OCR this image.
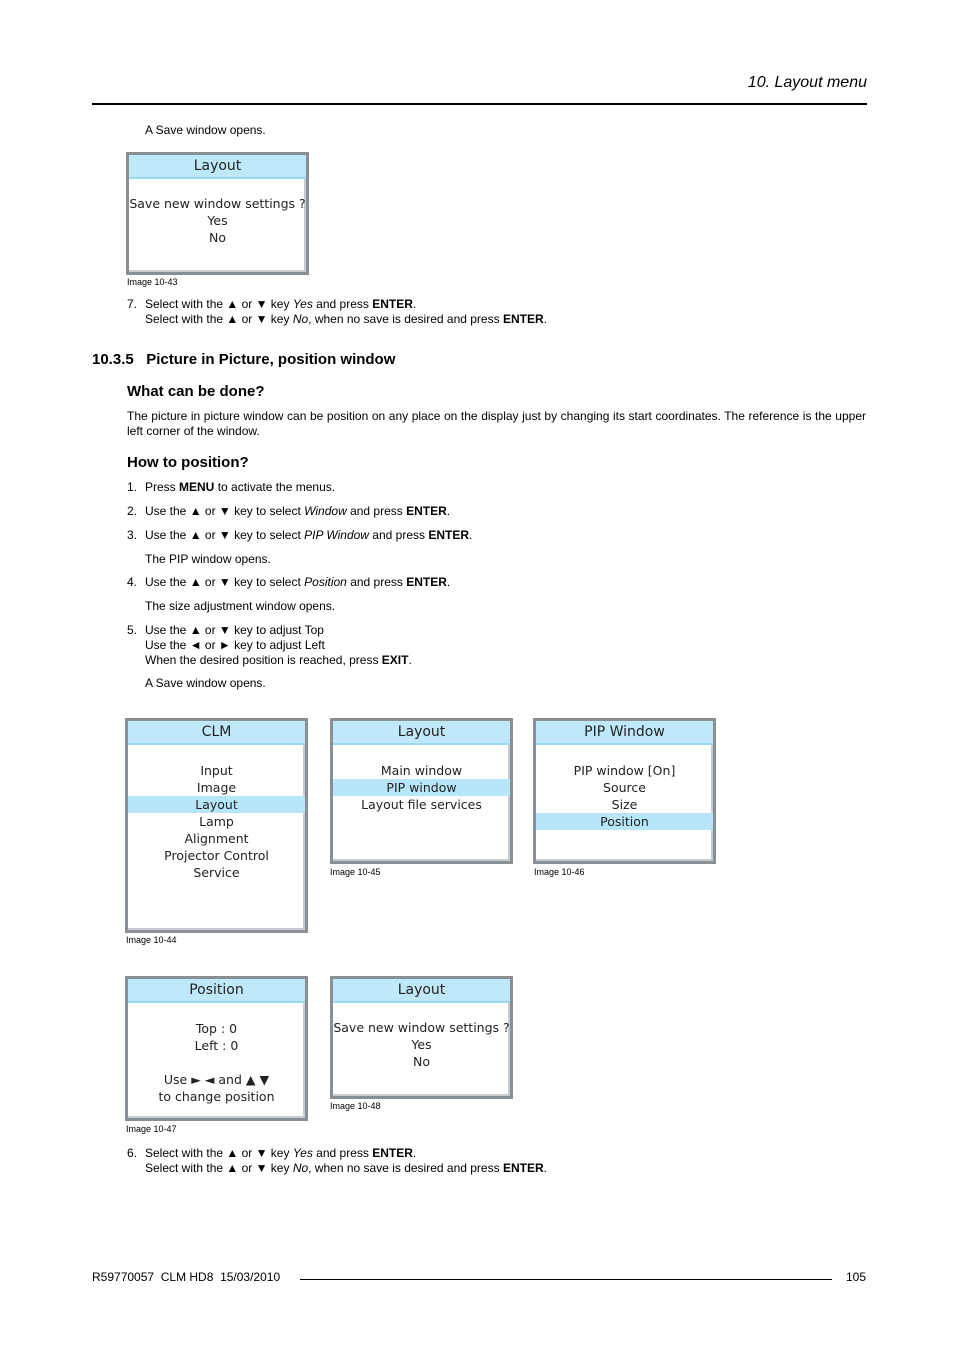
10. Layout menu
A Save window opens.
Layout
Save new window settings ?
Yes
No
Image 10-43
7. Select with the ▲ or ▼ key Yes and press ENTER.
Select with the ▲ or ▼ key No, when no save is desired and press ENTER.
10.3.5   Picture in Picture, position window
What can be done?
The picture in picture window can be position on any place on the display just by changing its start coordinates. The reference is the upper left corner of the window.
How to position?
1. Press MENU to activate the menus.
2. Use the ▲ or ▼ key to select Window and press ENTER.
3. Use the ▲ or ▼ key to select PIP Window and press ENTER.
The PIP window opens.
4. Use the ▲ or ▼ key to select Position and press ENTER.
The size adjustment window opens.
5. Use the ▲ or ▼ key to adjust Top
Use the ◄ or ► key to adjust Left
When the desired position is reached, press EXIT.
A Save window opens.
CLM
Input
Image
Layout
Lamp
Alignment
Projector Control
Service
Image 10-44
Layout
Main window
PIP window
Layout file services
Image 10-45
PIP Window
PIP window [On]
Source
Size
Position
Image 10-46
Position
Top : 0
Left : 0
Use ► ◄ and ▲ ▼
to change position
Image 10-47
Layout
Save new window settings ?
Yes
No
Image 10-48
6. Select with the ▲ or ▼ key Yes and press ENTER.
Select with the ▲ or ▼ key No, when no save is desired and press ENTER.
R59770057  CLM HD8  15/03/2010	105
